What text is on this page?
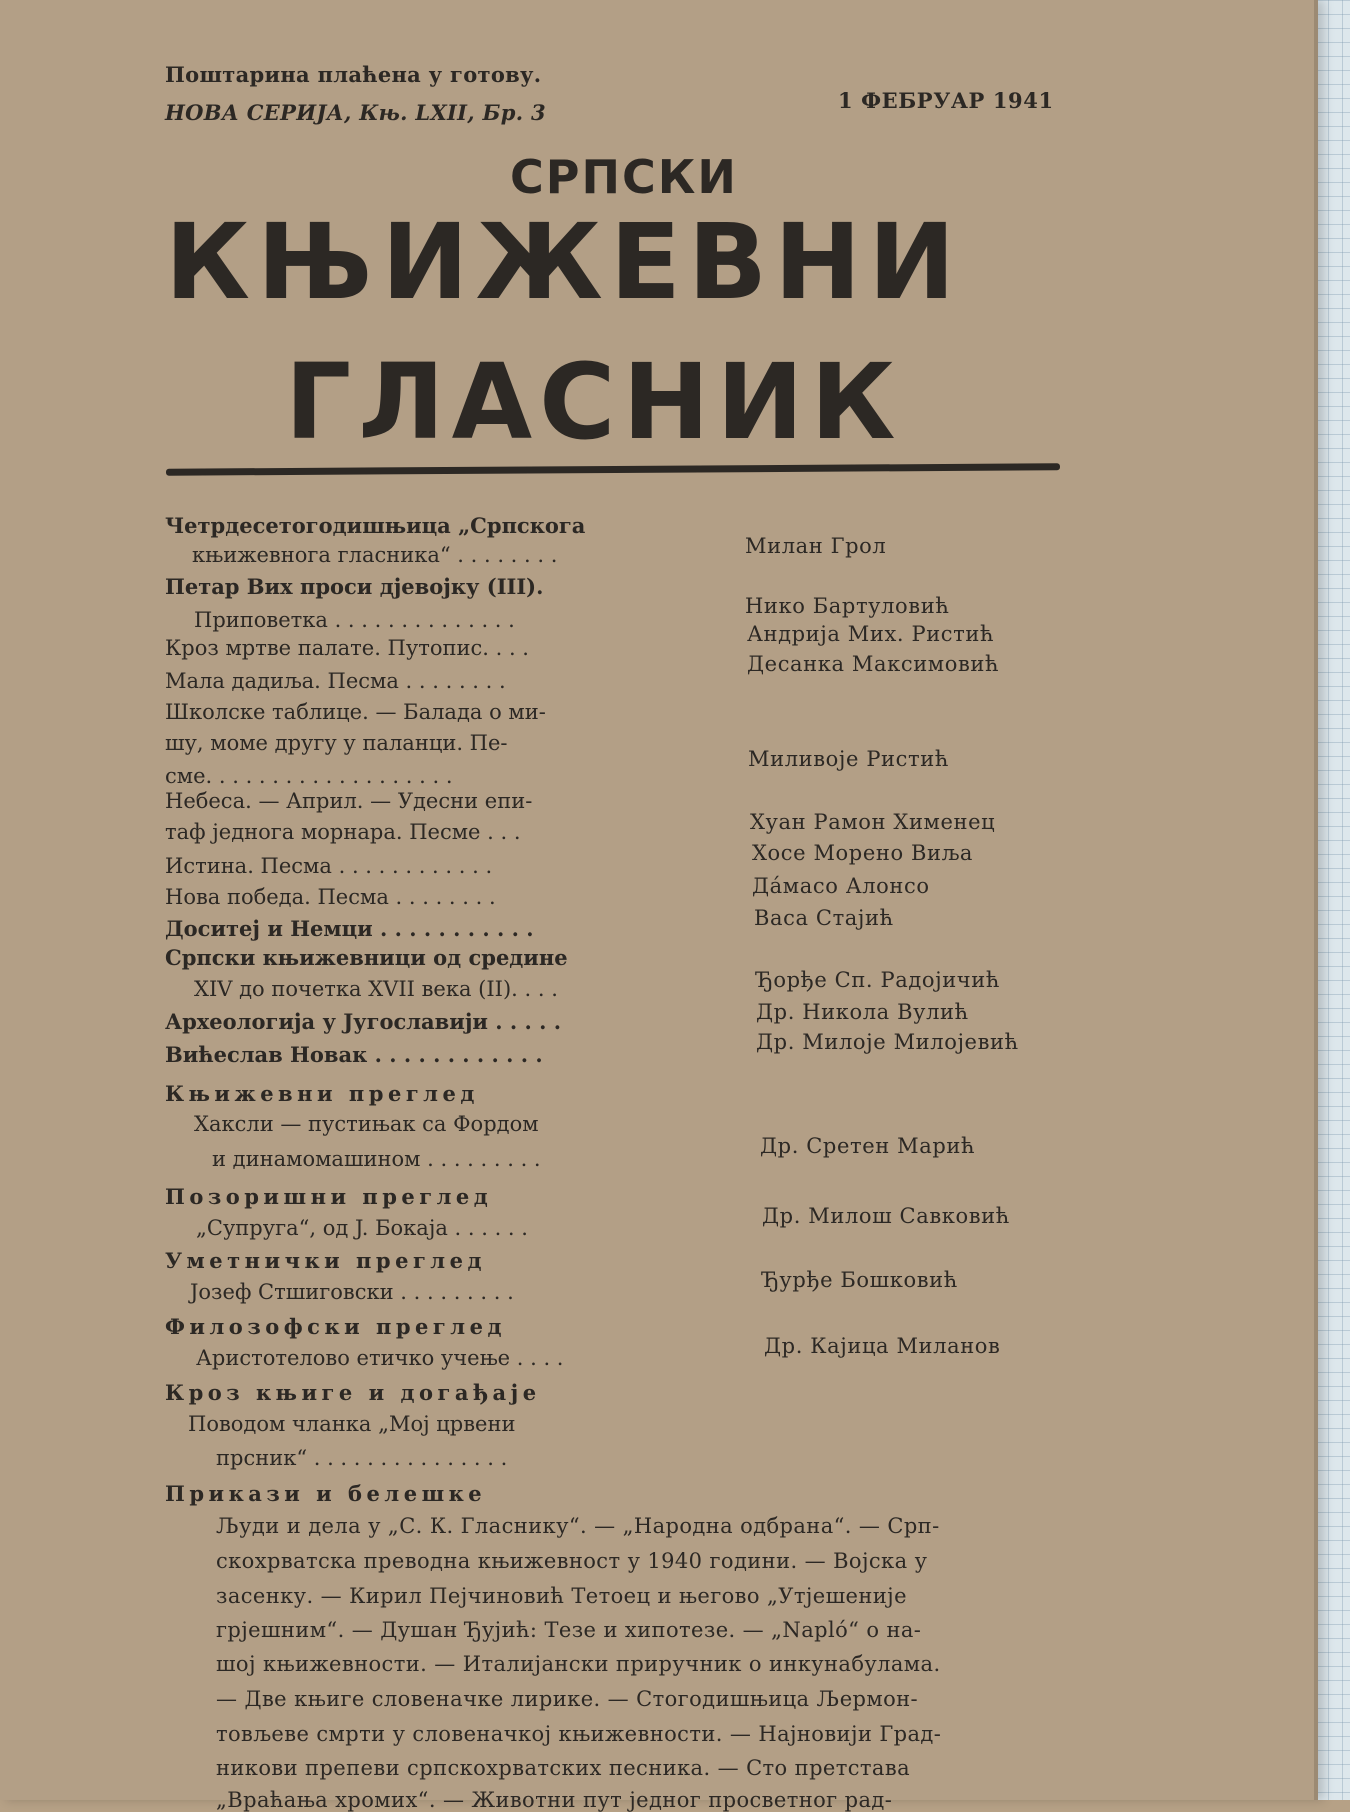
Поштарина плаћена у готову.
НОВА СЕРИЈА, Књ. LXII, Бр. 3	1 ФЕБРУАР 1941
СРПСКИ
КЊИЖЕВНИ
ГЛАСНИК
Четрдесетогодишњица „Српскога
књижевнога гласника“ . . . . . . . .
Петар Вих проси дјевојку (III).
Приповетка . . . . . . . . . . . . . .
Кроз мртве палате. Путопис. . . .
Мала дадиља. Песма . . . . . . . .
Школске таблице. — Балада о ми-
шу, моме другу у паланци. Пе-
сме. . . . . . . . . . . . . . . . . . .
Небеса. — Април. — Удесни епи-
таф једнога морнара. Песме . . .
Истина. Песма . . . . . . . . . . . .
Нова победа. Песма . . . . . . . .
Доситеј и Немци . . . . . . . . . . .
Српски књижевници од средине
XIV до почетка XVII века (II). . . .
Археологија у Југославији . . . . .
Вићеслав Новак . . . . . . . . . . . .
Књижевни преглед
Хаксли — пустињак са Фордом
и динамомашином . . . . . . . . .
Позоришни преглед
„Супруга“, од J. Бокаја . . . . . .
Уметнички преглед
Јозеф Стшиговски . . . . . . . . .
Филозофски преглед
Аристотелово етичко учење . . . .
Кроз књиге и догађаје
Поводом чланка „Мој црвени
прсник“ . . . . . . . . . . . . . . .
Прикази и белешке
Милан Грол
Нико Бартуловић
Андрија Мих. Ристић
Десанка Максимовић
Миливоје Ристић
Хуан Рамон Хименец
Хосе Морено Виља
Дáмасо Алонсо
Васа Стајић
Ђорђе Сп. Радојичић
Др. Никола Вулић
Др. Милоје Милојевић
Др. Сретен Марић
Др. Милош Савковић
Ђурђе Бошковић
Др. Кајица Миланов
Људи и дела у „С. К. Гласнику“. — „Народна одбрана“. — Срп-
скохрватска преводна књижевност у 1940 години. — Војска у
засенку. — Кирил Пејчиновић Тетоец и његово „Утјешеније
грјешним“. — Душан Ђујић: Тезе и хипотезе. — „Napló“ о на-
шој књижевности. — Италијански приручник о инкунабулама.
— Две књиге словеначке лирике. — Стогодишњица Љермон-
товљеве смрти у словеначкој књижевности. — Најновији Град-
никови препеви српскохрватских песника. — Сто претстава
„Враћања хромих“. — Животни пут једног просветног рад-
